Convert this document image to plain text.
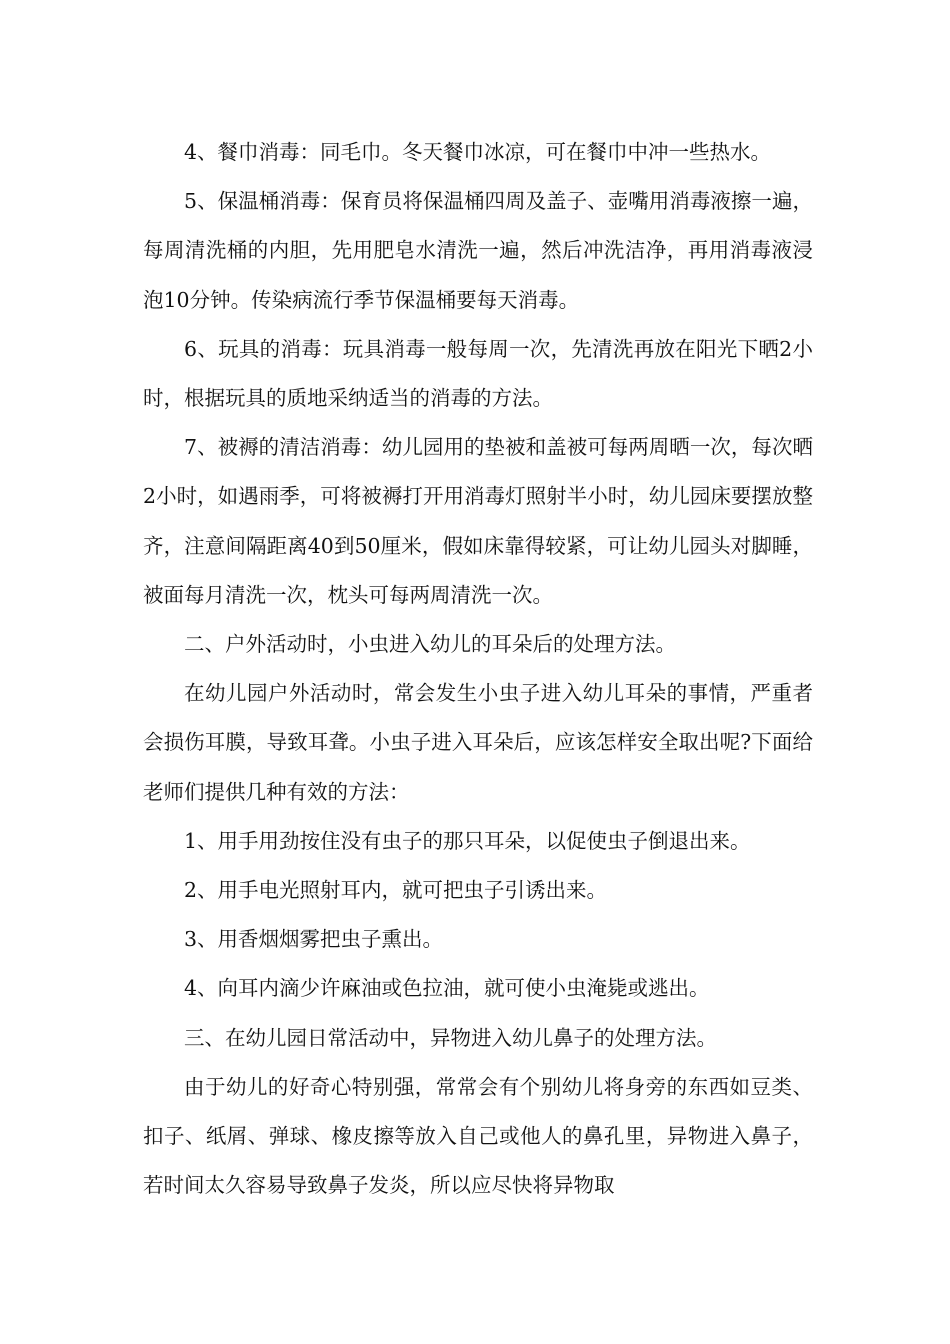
4、餐巾消毒：同毛巾。冬天餐巾冰凉，可在餐巾中冲一些热水。

5、保温桶消毒：保育员将保温桶四周及盖子、壶嘴用消毒液擦一遍，每周清洗桶的内胆，先用肥皂水清洗一遍，然后冲洗洁净，再用消毒液浸泡10分钟。传染病流行季节保温桶要每天消毒。

6、玩具的消毒：玩具消毒一般每周一次，先清洗再放在阳光下晒2小时，根据玩具的质地采纳适当的消毒的方法。

7、被褥的清洁消毒：幼儿园用的垫被和盖被可每两周晒一次，每次晒2小时，如遇雨季，可将被褥打开用消毒灯照射半小时，幼儿园床要摆放整齐，注意间隔距离40到50厘米，假如床靠得较紧，可让幼儿园头对脚睡，被面每月清洗一次，枕头可每两周清洗一次。

二、户外活动时，小虫进入幼儿的耳朵后的处理方法。

在幼儿园户外活动时，常会发生小虫子进入幼儿耳朵的事情，严重者会损伤耳膜，导致耳聋。小虫子进入耳朵后，应该怎样安全取出呢?下面给老师们提供几种有效的方法：

1、用手用劲按住没有虫子的那只耳朵，以促使虫子倒退出来。

2、用手电光照射耳内，就可把虫子引诱出来。

3、用香烟烟雾把虫子熏出。

4、向耳内滴少许麻油或色拉油，就可使小虫淹毙或逃出。

三、在幼儿园日常活动中，异物进入幼儿鼻子的处理方法。

由于幼儿的好奇心特别强，常常会有个别幼儿将身旁的东西如豆类、扣子、纸屑、弹球、橡皮擦等放入自己或他人的鼻孔里，异物进入鼻子，若时间太久容易导致鼻子发炎，所以应尽快将异物取
